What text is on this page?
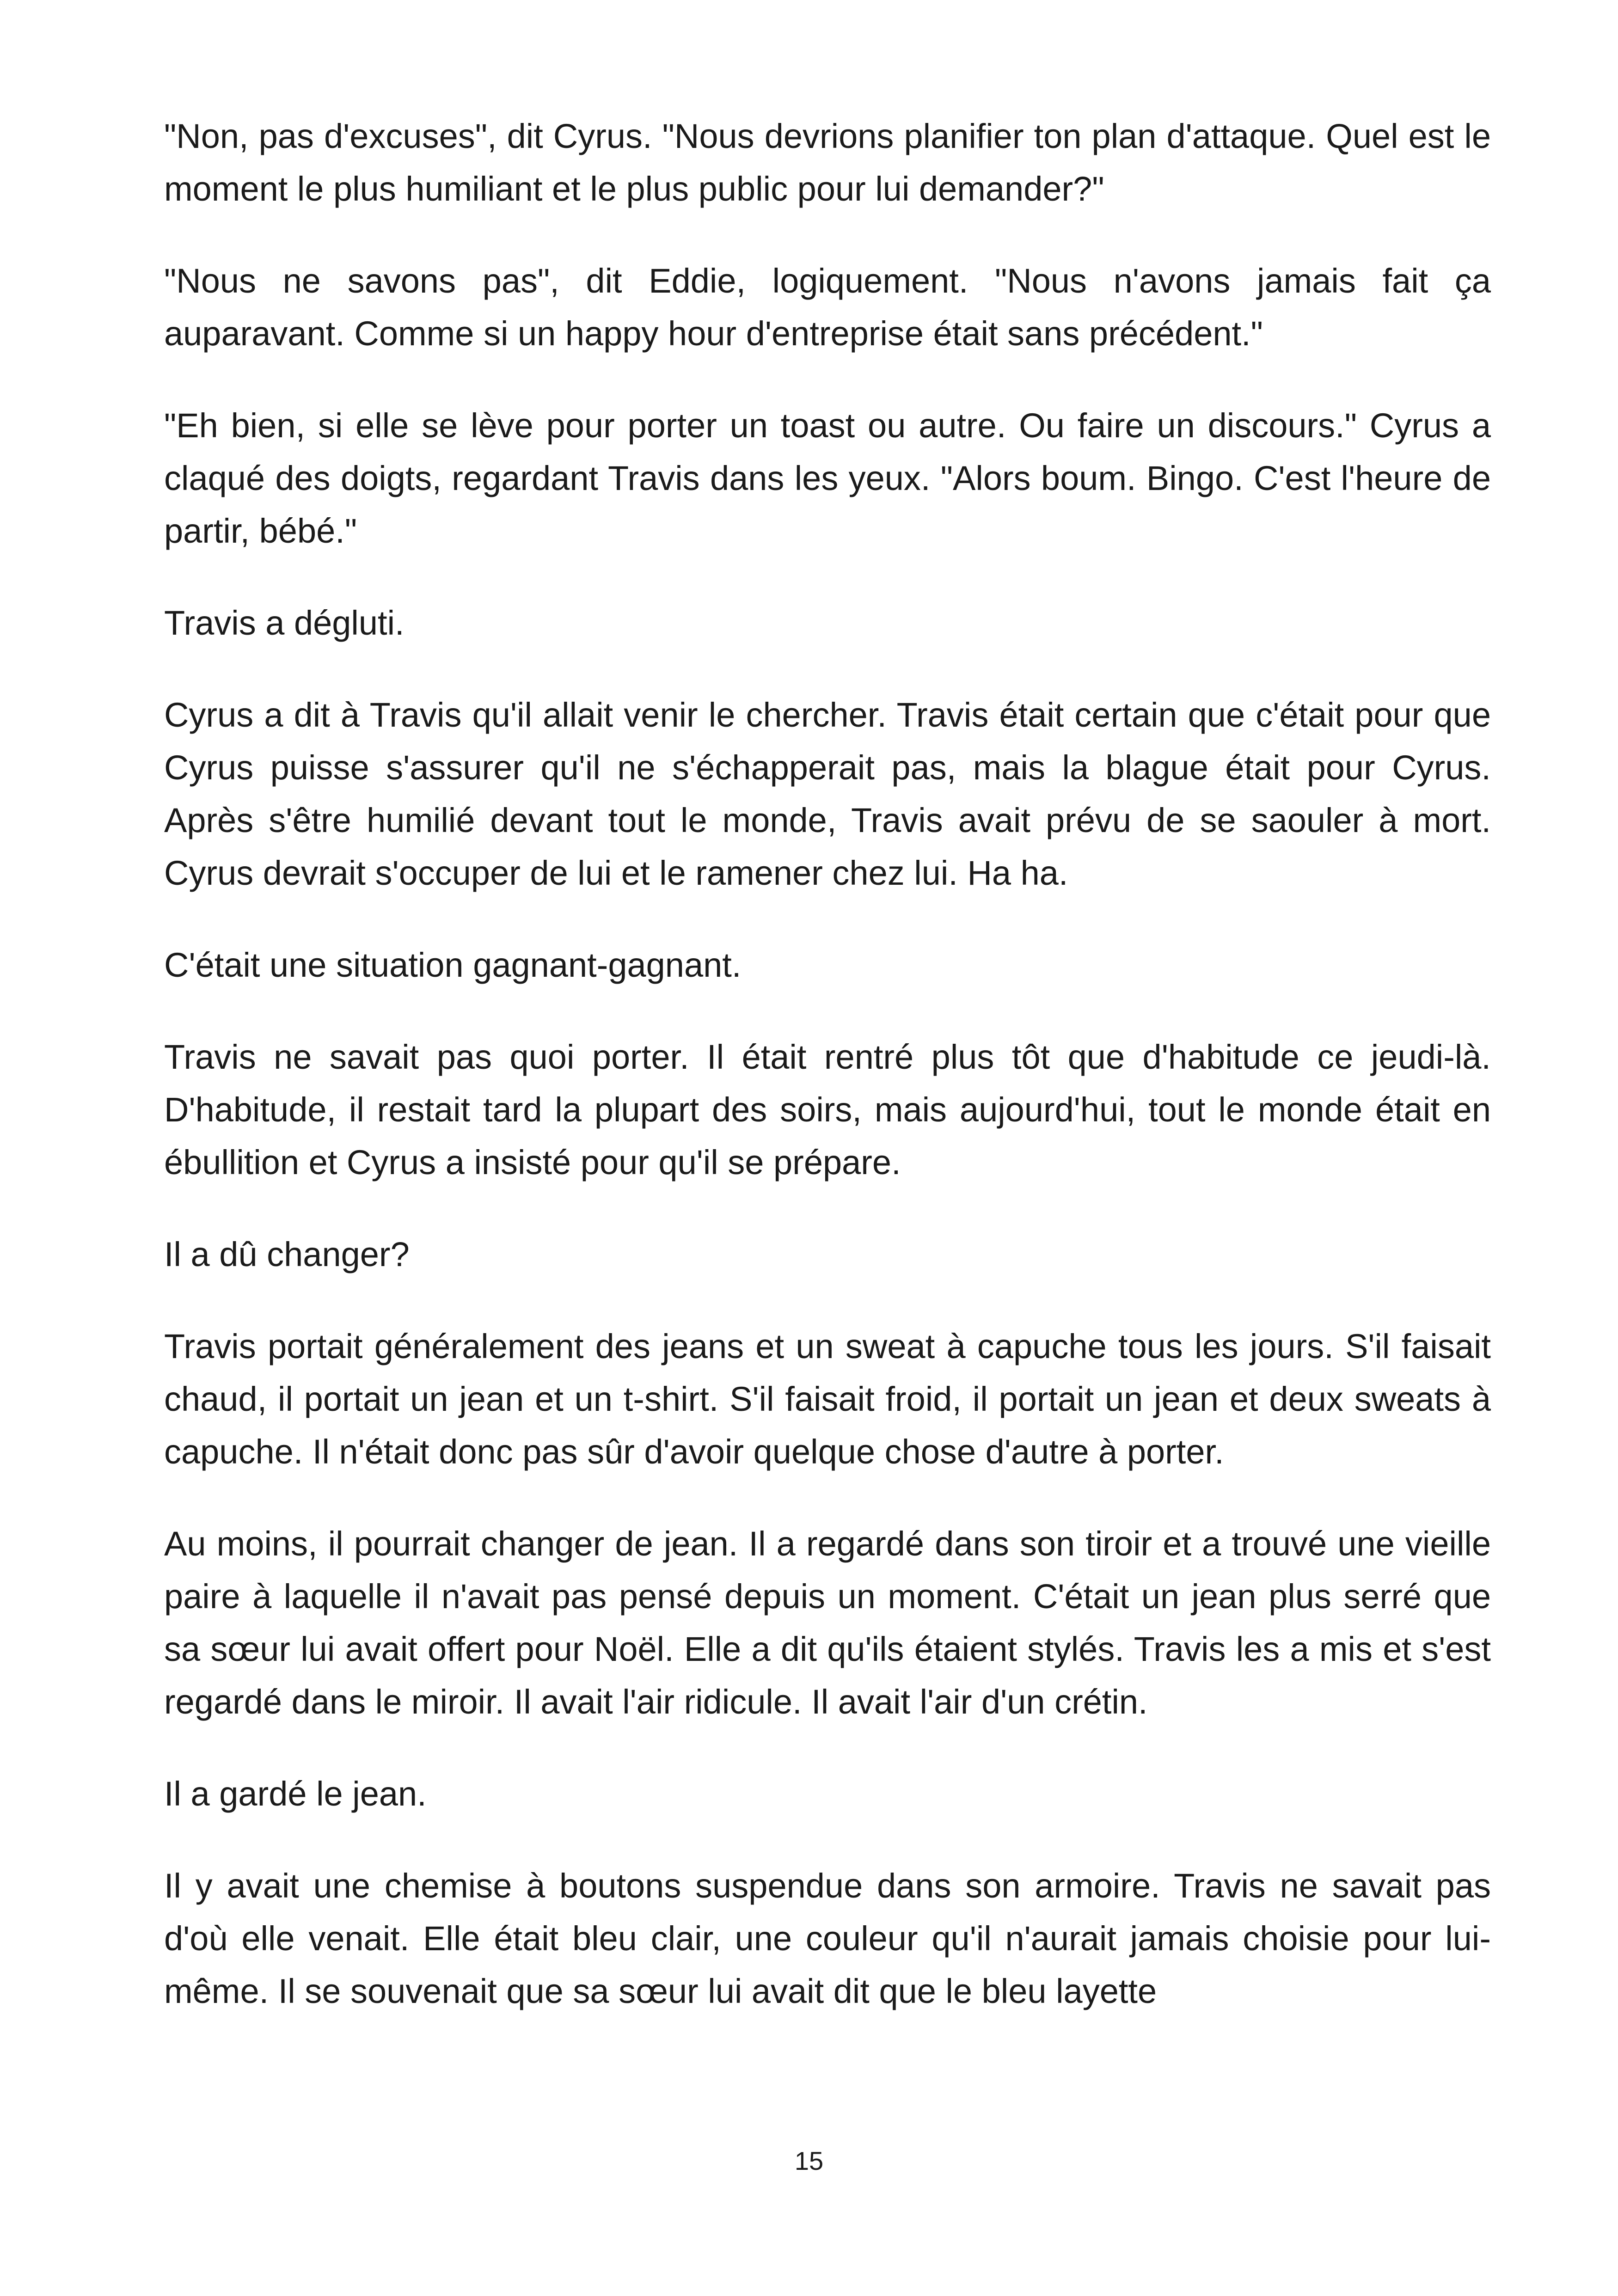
"Non, pas d'excuses", dit Cyrus. "Nous devrions planifier ton plan d'attaque. Quel est le moment le plus humiliant et le plus public pour lui demander?"

"Nous ne savons pas", dit Eddie, logiquement. "Nous n'avons jamais fait ça auparavant. Comme si un happy hour d'entreprise était sans précédent."

"Eh bien, si elle se lève pour porter un toast ou autre. Ou faire un discours." Cyrus a claqué des doigts, regardant Travis dans les yeux. "Alors boum. Bingo. C'est l'heure de partir, bébé."

Travis a dégluti.

Cyrus a dit à Travis qu'il allait venir le chercher. Travis était certain que c'était pour que Cyrus puisse s'assurer qu'il ne s'échapperait pas, mais la blague était pour Cyrus. Après s'être humilié devant tout le monde, Travis avait prévu de se saouler à mort. Cyrus devrait s'occuper de lui et le ramener chez lui. Ha ha.

C'était une situation gagnant-gagnant.

Travis ne savait pas quoi porter. Il était rentré plus tôt que d'habitude ce jeudi-là. D'habitude, il restait tard la plupart des soirs, mais aujourd'hui, tout le monde était en ébullition et Cyrus a insisté pour qu'il se prépare.

Il a dû changer?

Travis portait généralement des jeans et un sweat à capuche tous les jours. S'il faisait chaud, il portait un jean et un t-shirt. S'il faisait froid, il portait un jean et deux sweats à capuche. Il n'était donc pas sûr d'avoir quelque chose d'autre à porter.

Au moins, il pourrait changer de jean. Il a regardé dans son tiroir et a trouvé une vieille paire à laquelle il n'avait pas pensé depuis un moment. C'était un jean plus serré que sa sœur lui avait offert pour Noël. Elle a dit qu'ils étaient stylés. Travis les a mis et s'est regardé dans le miroir. Il avait l'air ridicule. Il avait l'air d'un crétin.

Il a gardé le jean.

Il y avait une chemise à boutons suspendue dans son armoire. Travis ne savait pas d'où elle venait. Elle était bleu clair, une couleur qu'il n'aurait jamais choisie pour lui-même. Il se souvenait que sa sœur lui avait dit que le bleu layette

15
